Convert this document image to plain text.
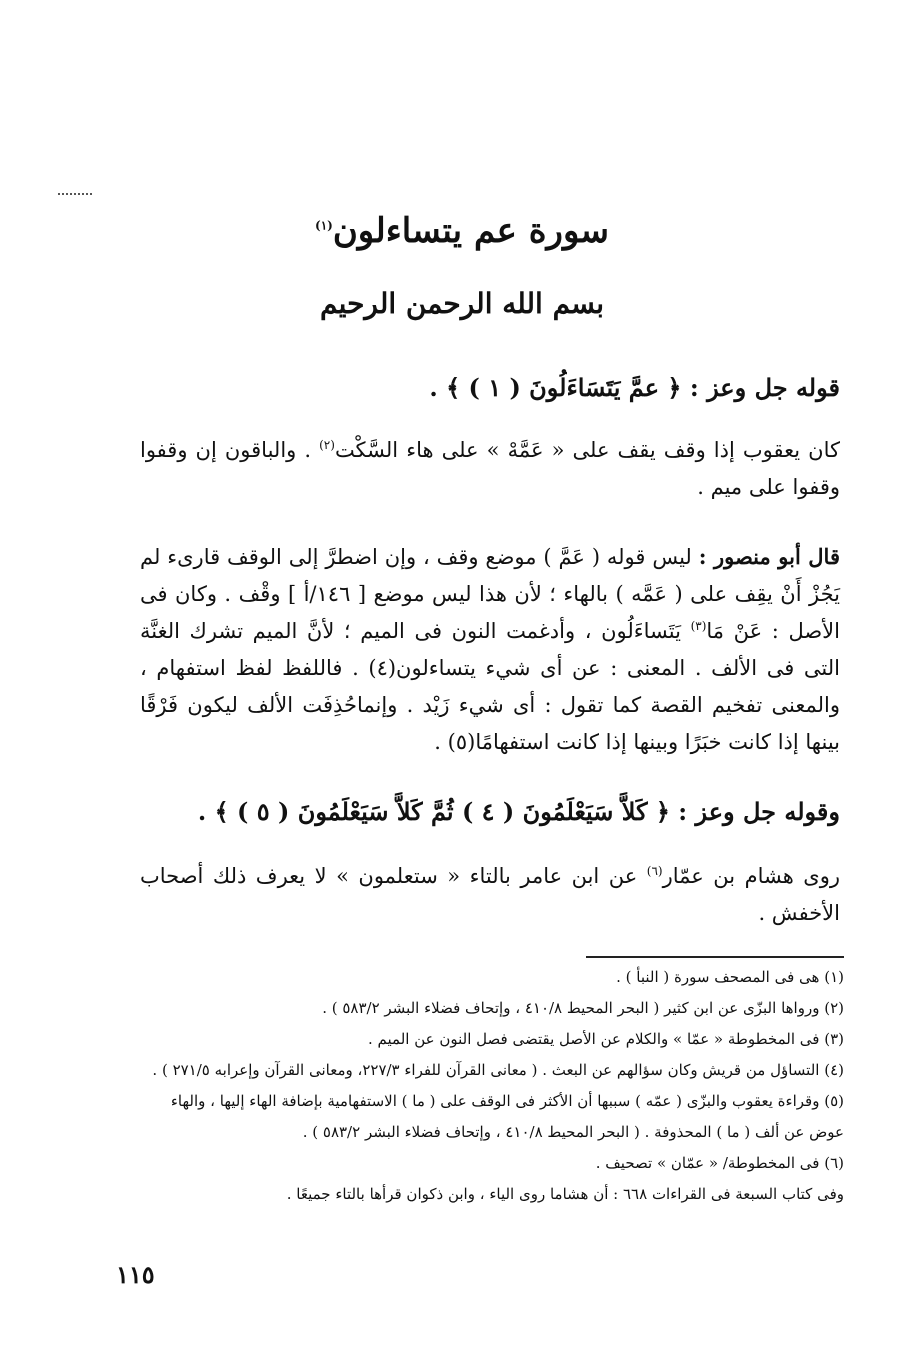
سورة عم يتساءلون$^{(١)}$
بسم الله الرحمن الرحيم
قوله جل وعز : ﴿ عمَّ يَتَسَاءَلُونَ ( ١ ) ﴾ .

كان يعقوب إذا وقف يقف على « عَمَّهْ » على هاء السَّكْت$^{(٢)}$ . والباقون إن وقفوا وقفوا على ميم .

قال أبو منصور : ليس قوله ( عَمَّ ) موضع وقف ، وإن اضطرَّ إلى الوقف قارىء لم يَجُزْ أَنْ يقِف على ( عَمَّه ) بالهاء ؛ لأن هذا ليس موضع [ ١٤٦/أ ] وقْف . وكان فى الأصل : عَنْ مَا$^{(٣)}$ يَتَساءَلُون ، وأدغمت النون فى الميم ؛ لأنَّ الميم تشرك الغنَّة التى فى الألف . المعنى : عن أى شيء يتساءلون(٤) . فاللفظ لفظ استفهام ، والمعنى تفخيم القصة كما تقول : أى شيء زَيْد . وإنماحُذِفَت الألف ليكون فَرْقًا بينها إذا كانت خبَرًا وبينها إذا كانت استفهامًا(٥) .

وقوله جل وعز : ﴿ كَلاَّ سَيَعْلَمُونَ ( ٤ ) ثُمَّ كَلاَّ سَيَعْلَمُونَ ( ٥ ) ﴾ .

روى هشام بن عمّار$^{(٦)}$ عن ابن عامر بالتاء « ستعلمون » لا يعرف ذلك أصحاب الأخفش .

(١) هى فى المصحف سورة ( النبأ ) .

(٢) ورواها البزّى عن ابن كثير ( البحر المحيط ٤١٠/٨ ، وإتحاف فضلاء البشر ٥٨٣/٢ ) .

(٣) فى المخطوطة « عمّا » والكلام عن الأصل يقتضى فصل النون عن الميم .

(٤) التساؤل من قريش وكان سؤالهم عن البعث . ( معانى القرآن للفراء ٢٢٧/٣، ومعانى القرآن وإعرابه ٢٧١/٥ ) .

(٥) وقراءة يعقوب والبزّى ( عمّه ) سببها أن الأكثر فى الوقف على ( ما ) الاستفهامية بإضافة الهاء إليها ، والهاء عوض عن ألف ( ما ) المحذوفة . ( البحر المحيط ٤١٠/٨ ، وإتحاف فضلاء البشر ٥٨٣/٢ ) .

(٦) فى المخطوطة/ « عمّان » تصحيف .

وفى كتاب السبعة فى القراءات ٦٦٨ : أن هشاما روى الياء ، وابن ذكوان قرأها بالتاء جميعًا .

١١٥
